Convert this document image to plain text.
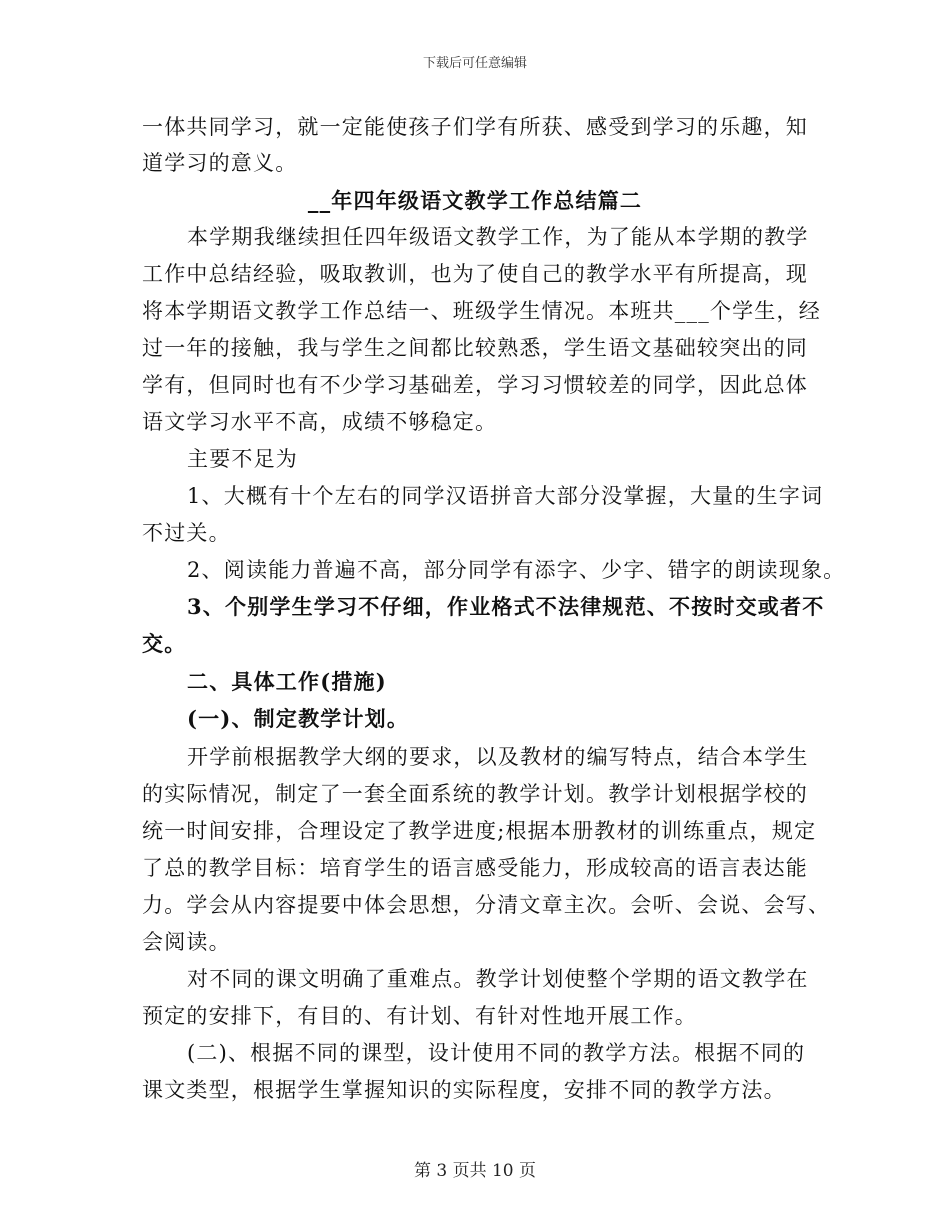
下载后可任意编辑
一体共同学习，就一定能使孩子们学有所获、感受到学习的乐趣，知
道学习的意义。
__年四年级语文教学工作总结篇二
本学期我继续担任四年级语文教学工作，为了能从本学期的教学
工作中总结经验，吸取教训，也为了使自己的教学水平有所提高，现
将本学期语文教学工作总结一、班级学生情况。本班共___个学生，经
过一年的接触，我与学生之间都比较熟悉，学生语文基础较突出的同
学有，但同时也有不少学习基础差，学习习惯较差的同学，因此总体
语文学习水平不高，成绩不够稳定。
主要不足为
1、大概有十个左右的同学汉语拼音大部分没掌握，大量的生字词
不过关。
2、阅读能力普遍不高，部分同学有添字、少字、错字的朗读现象。
3、个别学生学习不仔细，作业格式不法律规范、不按时交或者不
交。
二、具体工作(措施)
(一)、制定教学计划。
开学前根据教学大纲的要求，以及教材的编写特点，结合本学生
的实际情况，制定了一套全面系统的教学计划。教学计划根据学校的
统一时间安排，合理设定了教学进度;根据本册教材的训练重点，规定
了总的教学目标：培育学生的语言感受能力，形成较高的语言表达能
力。学会从内容提要中体会思想，分清文章主次。会听、会说、会写、
会阅读。
对不同的课文明确了重难点。教学计划使整个学期的语文教学在
预定的安排下，有目的、有计划、有针对性地开展工作。
(二)、根据不同的课型，设计使用不同的教学方法。根据不同的
课文类型，根据学生掌握知识的实际程度，安排不同的教学方法。
第 3 页共 10 页
